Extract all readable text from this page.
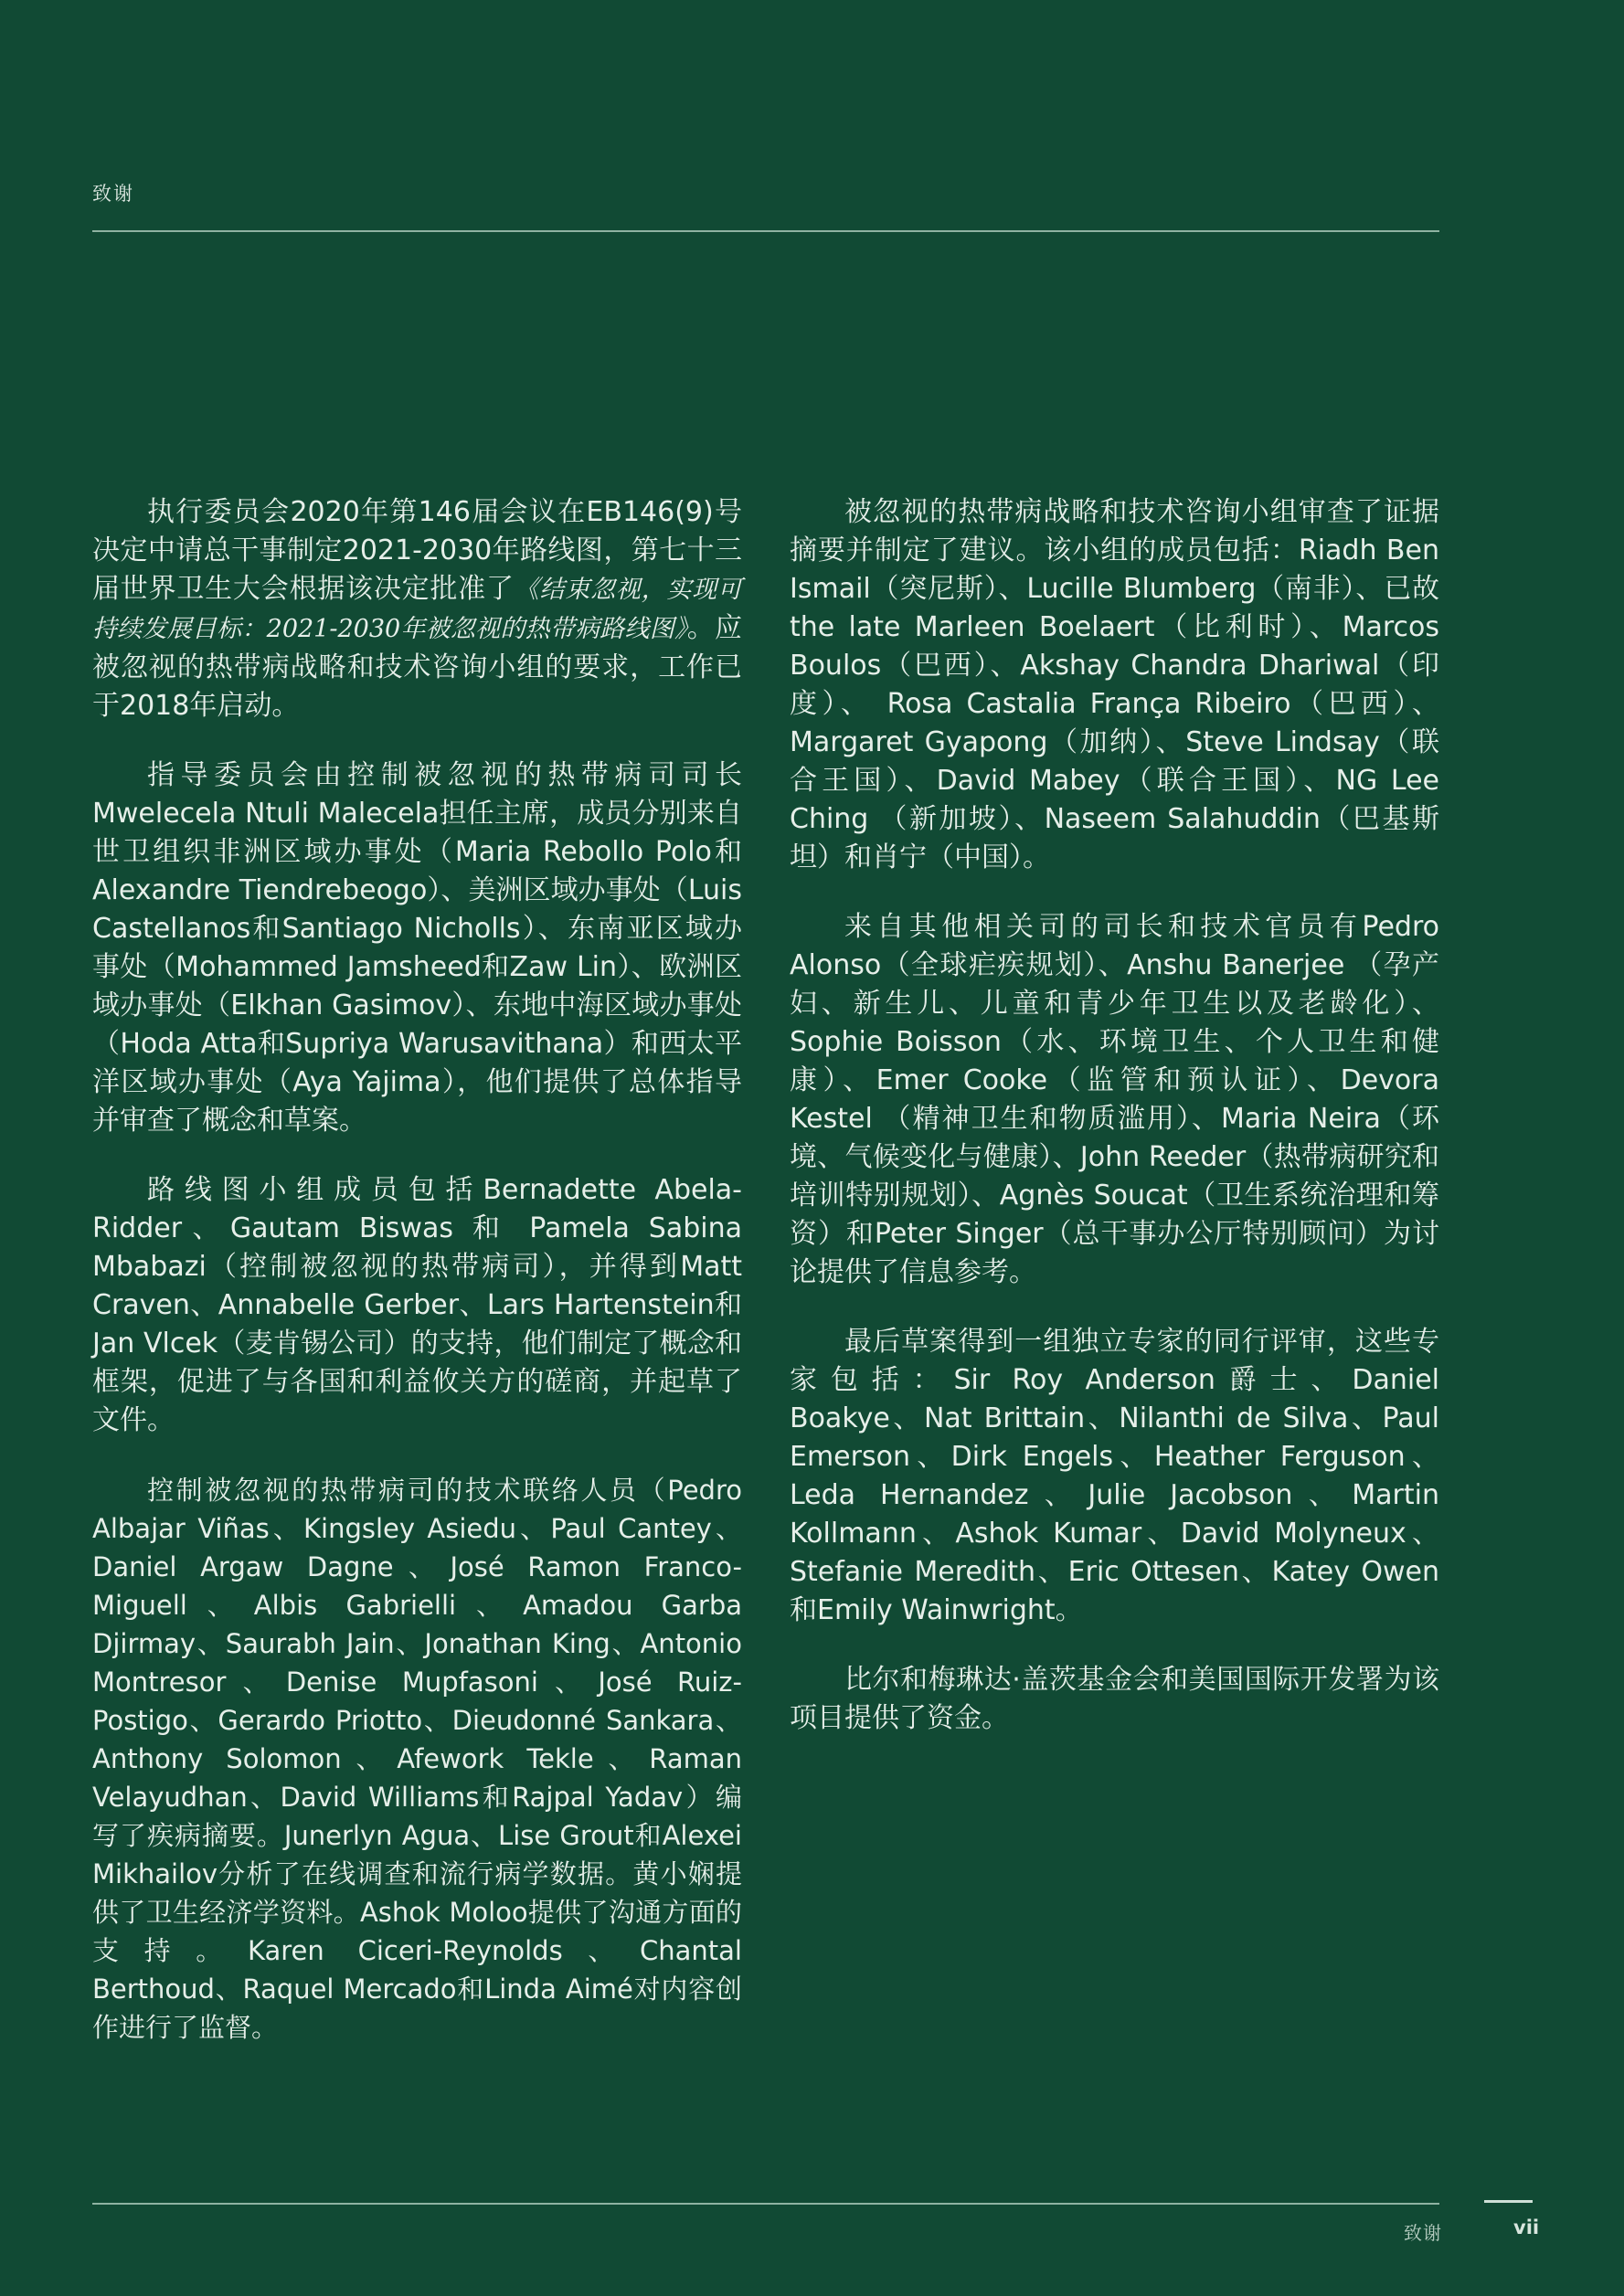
致谢

执行委员会2020年第146届会议在EB146(9)号决定中请总干事制定2021-2030年路线图，第七十三届世界卫生大会根据该决定批准了《结束忽视，实现可持续发展目标：2021-2030年被忽视的热带病路线图》。应被忽视的热带病战略和技术咨询小组的要求，工作已于2018年启动。

指导委员会由控制被忽视的热带病司司长Mwelecela Ntuli Malecela担任主席，成员分别来自世卫组织非洲区域办事处（Maria Rebollo Polo和Alexandre Tiendrebeogo）、美洲区域办事处（Luis Castellanos和Santiago Nicholls）、东南亚区域办事处（Mohammed Jamsheed和Zaw Lin）、欧洲区域办事处（Elkhan Gasimov）、东地中海区域办事处（Hoda Atta和Supriya Warusavithana）和西太平洋区域办事处（Aya Yajima），他们提供了总体指导并审查了概念和草案。

路线图小组成员包括Bernadette Abela-Ridder、Gautam Biswas 和 Pamela Sabina Mbabazi（控制被忽视的热带病司），并得到Matt Craven、Annabelle Gerber、Lars Hartenstein和Jan Vlcek（麦肯锡公司）的支持，他们制定了概念和框架，促进了与各国和利益攸关方的磋商，并起草了文件。

控制被忽视的热带病司的技术联络人员（Pedro Albajar Viñas、Kingsley Asiedu、Paul Cantey、Daniel Argaw Dagne、José Ramon Franco-Miguell、Albis Gabrielli、Amadou Garba Djirmay、Saurabh Jain、Jonathan King、Antonio Montresor、Denise Mupfasoni、José Ruiz-Postigo、Gerardo Priotto、Dieudonné Sankara、Anthony Solomon、Afework Tekle、Raman Velayudhan、David Williams和Rajpal Yadav）编写了疾病摘要。Junerlyn Agua、Lise Grout和Alexei Mikhailov分析了在线调查和流行病学数据。黄小娴提供了卫生经济学资料。Ashok Moloo提供了沟通方面的支持。Karen Ciceri-Reynolds、Chantal Berthoud、Raquel Mercado和Linda Aimé对内容创作进行了监督。

被忽视的热带病战略和技术咨询小组审查了证据摘要并制定了建议。该小组的成员包括：Riadh Ben Ismail（突尼斯）、Lucille Blumberg（南非）、已故the late Marleen Boelaert（比利时）、Marcos Boulos（巴西）、Akshay Chandra Dhariwal（印度）、 Rosa Castalia França Ribeiro（巴西）、Margaret Gyapong（加纳）、Steve Lindsay（联合王国）、David Mabey（联合王国）、NG Lee Ching （新加坡）、Naseem Salahuddin（巴基斯坦）和肖宁（中国）。

来自其他相关司的司长和技术官员有Pedro Alonso（全球疟疾规划）、Anshu Banerjee （孕产妇、新生儿、儿童和青少年卫生以及老龄化）、Sophie Boisson（水、环境卫生、个人卫生和健康）、Emer Cooke（监管和预认证）、Devora Kestel （精神卫生和物质滥用）、Maria Neira（环境、气候变化与健康）、John Reeder（热带病研究和培训特别规划）、Agnès Soucat（卫生系统治理和筹资）和Peter Singer（总干事办公厅特别顾问）为讨论提供了信息参考。

最后草案得到一组独立专家的同行评审，这些专家包括：Sir Roy Anderson爵士、Daniel Boakye、Nat Brittain、Nilanthi de Silva、Paul Emerson、Dirk Engels、Heather Ferguson、Leda Hernandez、Julie Jacobson、Martin Kollmann、Ashok Kumar、David Molyneux、Stefanie Meredith、Eric Ottesen、Katey Owen和Emily Wainwright。

比尔和梅琳达·盖茨基金会和美国国际开发署为该项目提供了资金。

致谢	vii
